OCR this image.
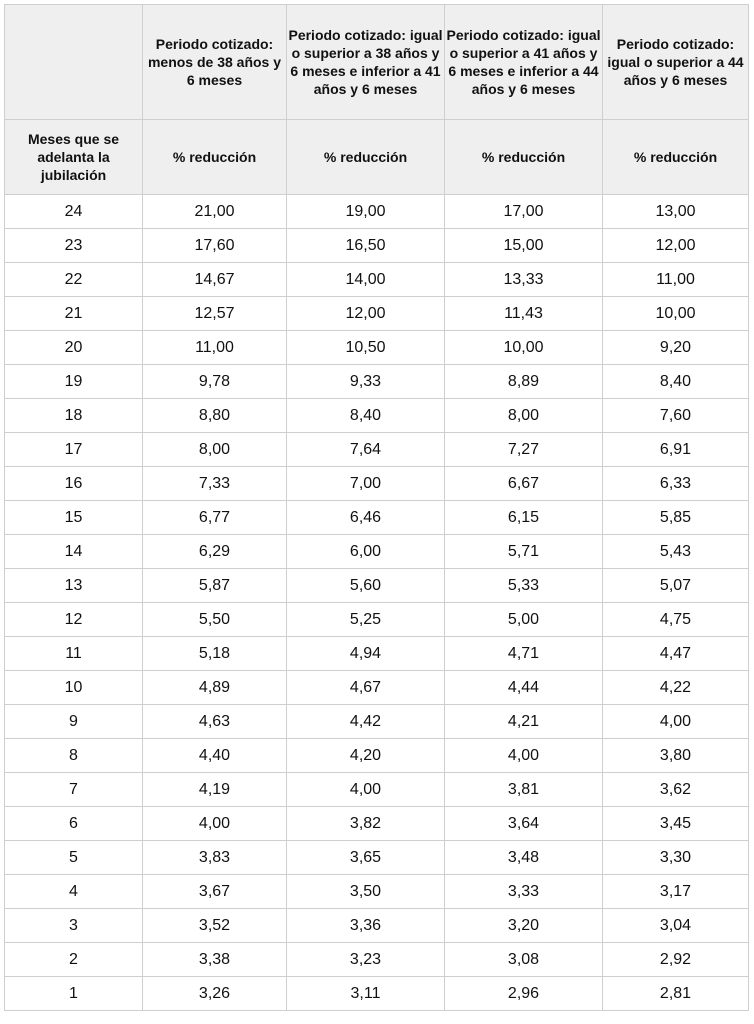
	Periodo cotizado: menos de 38 años y 6 meses	Periodo cotizado: igual o superior a 38 años y 6 meses e inferior a 41 años y 6 meses	Periodo cotizado: igual o superior a 41 años y 6 meses e inferior a 44 años y 6 meses	Periodo cotizado: igual o superior a 44 años y 6 meses
Meses que se adelanta la jubilación	% reducción	% reducción	% reducción	% reducción
24	21,00	19,00	17,00	13,00
23	17,60	16,50	15,00	12,00
22	14,67	14,00	13,33	11,00
21	12,57	12,00	11,43	10,00
20	11,00	10,50	10,00	9,20
19	9,78	9,33	8,89	8,40
18	8,80	8,40	8,00	7,60
17	8,00	7,64	7,27	6,91
16	7,33	7,00	6,67	6,33
15	6,77	6,46	6,15	5,85
14	6,29	6,00	5,71	5,43
13	5,87	5,60	5,33	5,07
12	5,50	5,25	5,00	4,75
11	5,18	4,94	4,71	4,47
10	4,89	4,67	4,44	4,22
9	4,63	4,42	4,21	4,00
8	4,40	4,20	4,00	3,80
7	4,19	4,00	3,81	3,62
6	4,00	3,82	3,64	3,45
5	3,83	3,65	3,48	3,30
4	3,67	3,50	3,33	3,17
3	3,52	3,36	3,20	3,04
2	3,38	3,23	3,08	2,92
1	3,26	3,11	2,96	2,81
